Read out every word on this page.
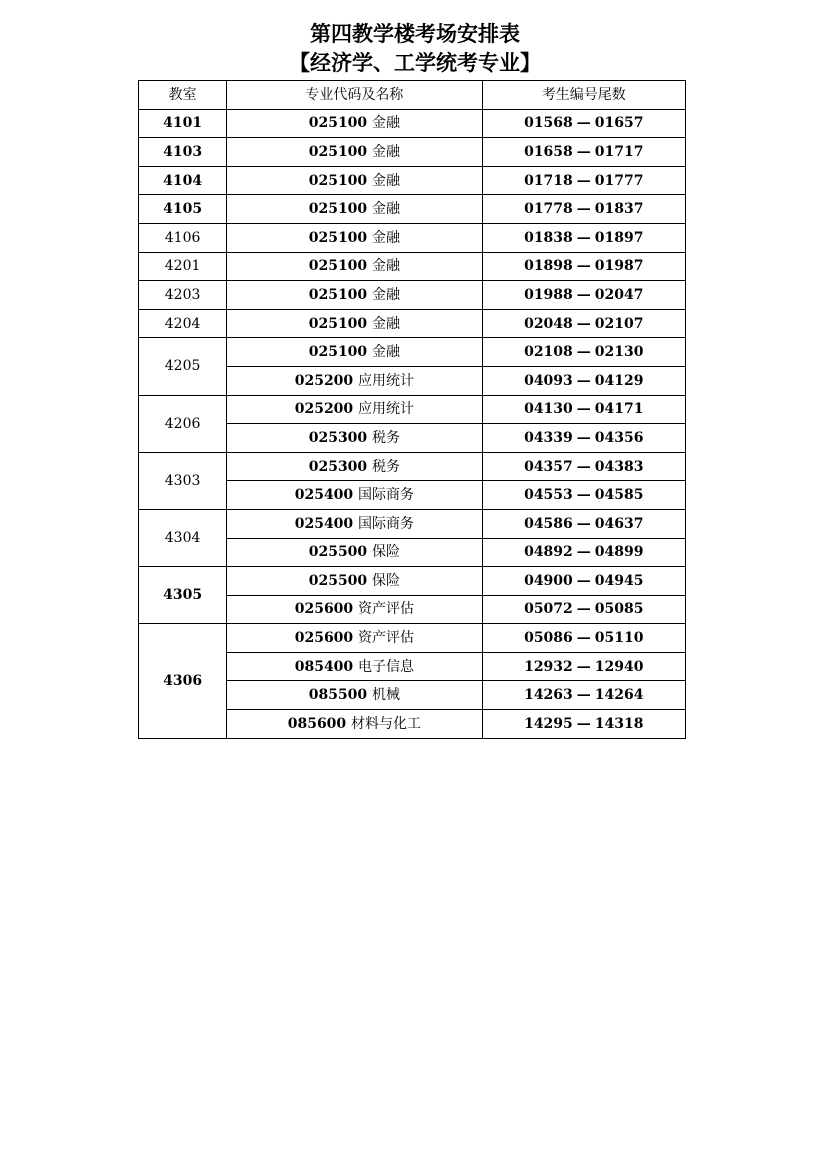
第四教学楼考场安排表
【经济学、工学统考专业】
教室	专业代码及名称	考生编号尾数
4101	025100 金融	01568 — 01657
4103	025100 金融	01658 — 01717
4104	025100 金融	01718 — 01777
4105	025100 金融	01778 — 01837
4106	025100 金融	01838 — 01897
4201	025100 金融	01898 — 01987
4203	025100 金融	01988 — 02047
4204	025100 金融	02048 — 02107
4205	025100 金融	02108 — 02130
	025200 应用统计	04093 — 04129
4206	025200 应用统计	04130 — 04171
	025300 税务	04339 — 04356
4303	025300 税务	04357 — 04383
	025400 国际商务	04553 — 04585
4304	025400 国际商务	04586 — 04637
	025500 保险	04892 — 04899
4305	025500 保险	04900 — 04945
	025600 资产评估	05072 — 05085
4306	025600 资产评估	05086 — 05110
	085400 电子信息	12932 — 12940
	085500 机械	14263 — 14264
	085600 材料与化工	14295 — 14318
